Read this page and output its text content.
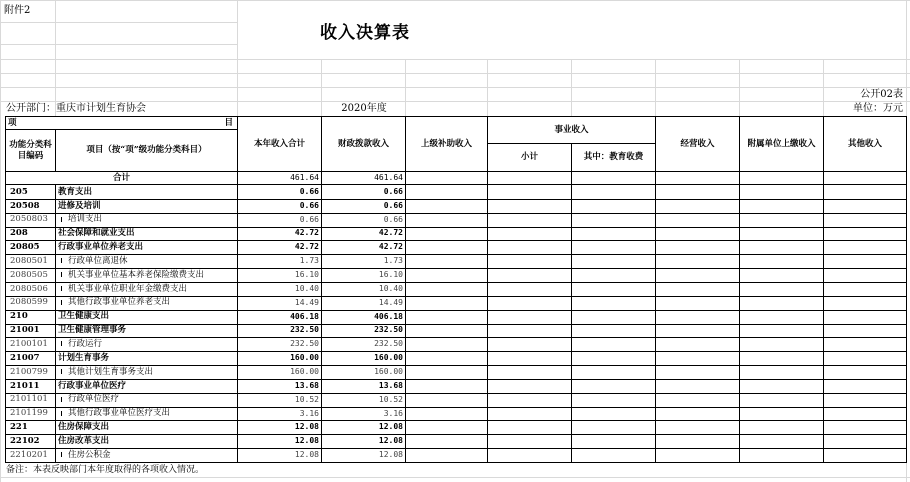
附件2
收入决算表
公开02表
公开部门：重庆市计划生育协会	2020年度	单位：万元
项	目
功能分类科目编码
项目（按“项”级功能分类科目）
本年收入合计	财政拨款收入	上级补助收入
事业收入
小计	其中：教育收费
经营收入	附属单位上缴收入	其他收入
合计	461.64	461.64
205	教育支出	0.66	0.66
20508	进修及培训	0.66	0.66
2050803	培训支出	0.66	0.66
208	社会保障和就业支出	42.72	42.72
20805	行政事业单位养老支出	42.72	42.72
2080501	行政单位离退休	1.73	1.73
2080505	机关事业单位基本养老保险缴费支出	16.10	16.10
2080506	机关事业单位职业年金缴费支出	10.40	10.40
2080599	其他行政事业单位养老支出	14.49	14.49
210	卫生健康支出	406.18	406.18
21001	卫生健康管理事务	232.50	232.50
2100101	行政运行	232.50	232.50
21007	计划生育事务	160.00	160.00
2100799	其他计划生育事务支出	160.00	160.00
21011	行政事业单位医疗	13.68	13.68
2101101	行政单位医疗	10.52	10.52
2101199	其他行政事业单位医疗支出	3.16	3.16
221	住房保障支出	12.08	12.08
22102	住房改革支出	12.08	12.08
2210201	住房公积金	12.08	12.08
备注：本表反映部门本年度取得的各项收入情况。
